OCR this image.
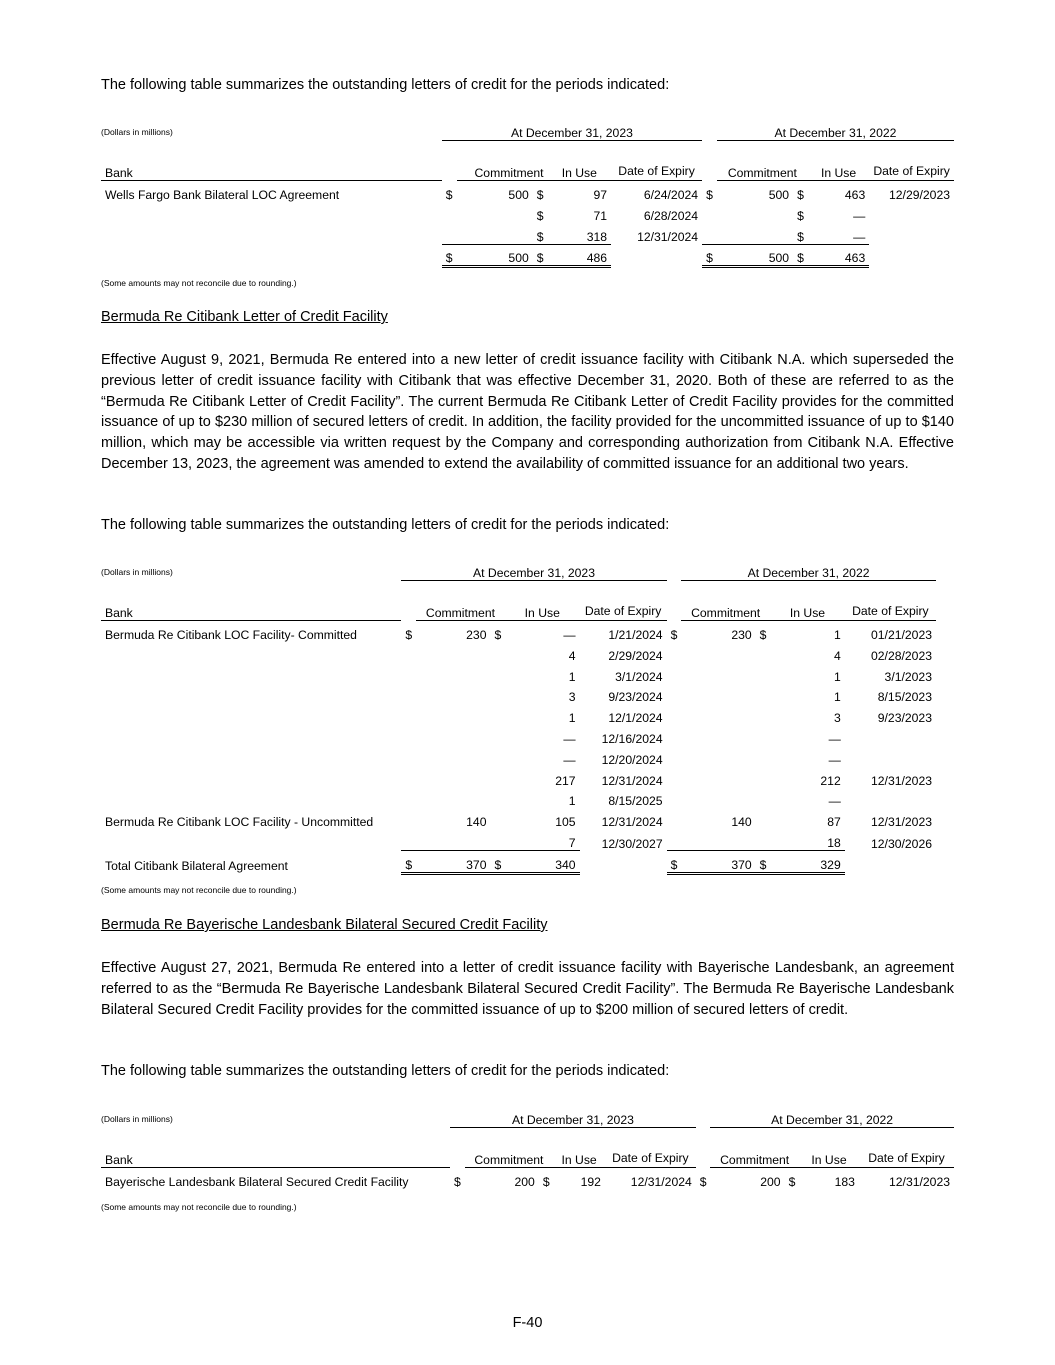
The following table summarizes the outstanding letters of credit for the periods indicated:
(Dollars in millions)
		At December 31, 2023						At December 31, 2022			
Bank		Commitment		In Use	Date of Expiry		Commitment		In Use	Date of Expiry
Wells Fargo Bank Bilateral LOC Agreement	$	500	$	97	6/24/2024	$	500	$	463	12/29/2023
			$	71	6/28/2024			$	—	
			$	318	12/31/2024			$	—	
	$	500	$	486		$	500	$	463	
(Some amounts may not reconcile due to rounding.)
Bermuda Re Citibank Letter of Credit Facility
Effective August 9, 2021, Bermuda Re entered into a new letter of credit issuance facility with Citibank N.A. which superseded the previous letter of credit issuance facility with Citibank that was effective December 31, 2020. Both of these are referred to as the “Bermuda Re Citibank Letter of Credit Facility”. The current Bermuda Re Citibank Letter of Credit Facility provides for the committed issuance of up to $230 million of secured letters of credit. In addition, the facility provided for the uncommitted issuance of up to $140 million, which may be accessible via written request by the Company and corresponding authorization from Citibank N.A. Effective December 13, 2023, the agreement was amended to extend the availability of committed issuance for an additional two years.
The following table summarizes the outstanding letters of credit for the periods indicated:
(Dollars in millions)
		At December 31, 2023						At December 31, 2022			
Bank		Commitment		In Use	Date of Expiry		Commitment		In Use	Date of Expiry
Bermuda Re Citibank LOC Facility- Committed	$	230	$	—	1/21/2024	$	230	$	1	01/21/2023
				4	2/29/2024				4	02/28/2023
				1	3/1/2024				1	3/1/2023
				3	9/23/2024				1	8/15/2023
				1	12/1/2024				3	9/23/2023
				—	12/16/2024				—	
				—	12/20/2024				—	
				217	12/31/2024				212	12/31/2023
				1	8/15/2025				—	
Bermuda Re Citibank LOC Facility - Uncommitted		140		105	12/31/2024		140		87	12/31/2023
				7	12/30/2027				18	12/30/2026
Total Citibank Bilateral Agreement	$	370	$	340		$	370	$	329	
(Some amounts may not reconcile due to rounding.)
Bermuda Re Bayerische Landesbank Bilateral Secured Credit Facility
Effective August 27, 2021, Bermuda Re entered into a letter of credit issuance facility with Bayerische Landesbank, an agreement referred to as the “Bermuda Re Bayerische Landesbank Bilateral Secured Credit Facility”. The Bermuda Re Bayerische Landesbank Bilateral Secured Credit Facility provides for the committed issuance of up to $200 million of secured letters of credit.
The following table summarizes the outstanding letters of credit for the periods indicated:
(Dollars in millions)
		At December 31, 2023						At December 31, 2022			
Bank		Commitment		In Use	Date of Expiry		Commitment		In Use	Date of Expiry
Bayerische Landesbank Bilateral Secured Credit Facility	$	200	$	192	12/31/2024	$	200	$	183	12/31/2023
(Some amounts may not reconcile due to rounding.)
F-40
